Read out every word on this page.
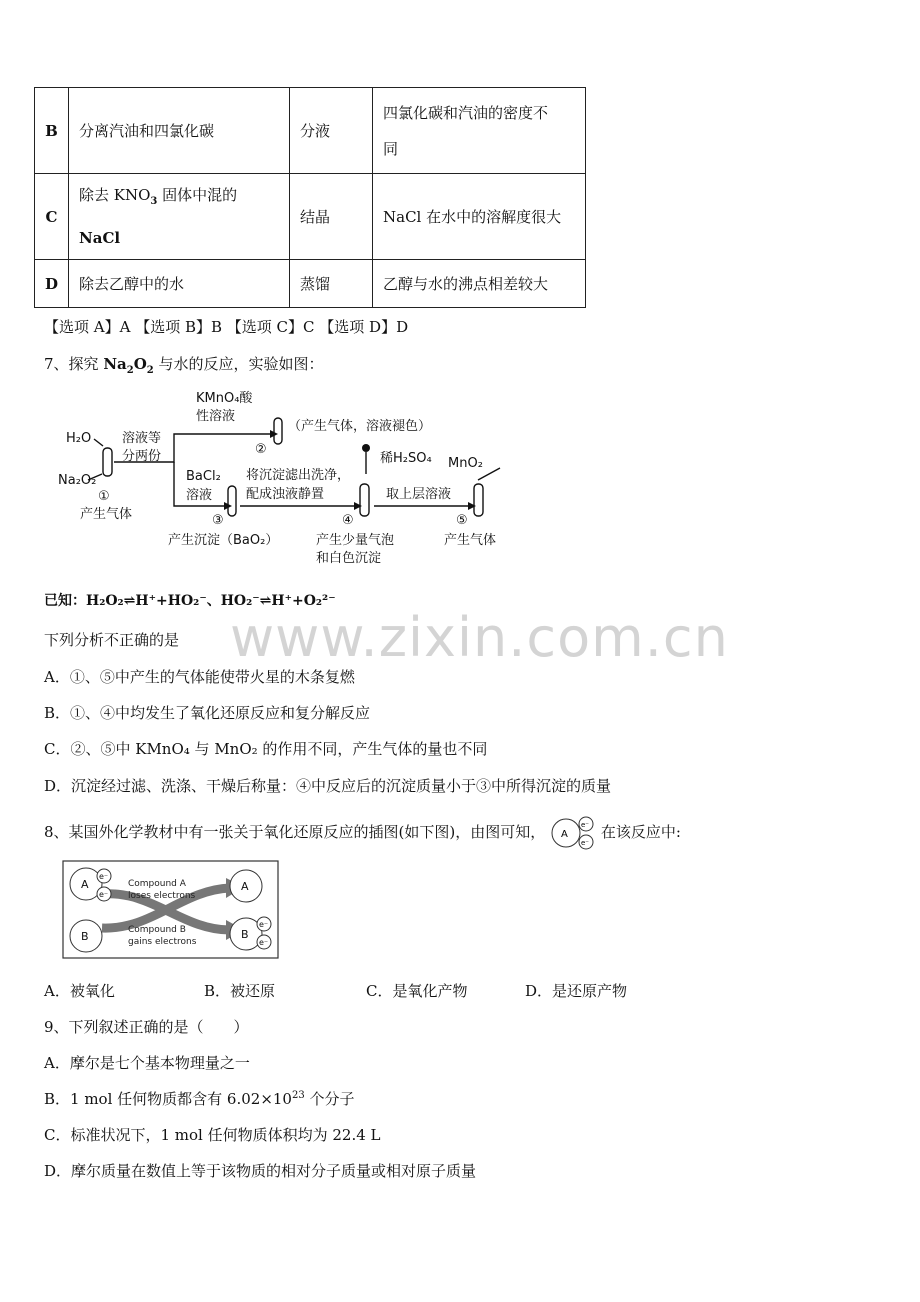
B	分离汽油和四氯化碳	分液	四氯化碳和汽油的密度不
同
C	除去 $KNO_3$ 固体中混的
NaCl	结晶	NaCl 在水中的溶解度很大
D	除去乙醇中的水	蒸馏	乙醇与水的沸点相差较大
【选项 A】A 【选项 B】B 【选项 C】C 【选项 D】D
7、探究 $Na_2O_2$ 与水的反应，实验如图：
H₂O
Na₂O₂
溶液等
分两份
KMnO₄酸
性溶液
（产生气体，溶液褪色）
BaCl₂
溶液
将沉淀滤出洗净，
配成浊液静置
稀H₂SO₄ MnO₂
取上层溶液
①
②
③	④	⑤
产生气体
产生沉淀（BaO₂）	产生少量气泡
和白色沉淀
产生气体
已知：H₂O₂⇌H⁺+HO₂⁻、HO₂⁻⇌H⁺+O₂²⁻
www.zixin.com.cn
下列分析不正确的是
A．①、⑤中产生的气体能使带火星的木条复燃
B．①、④中均发生了氧化还原反应和复分解反应
C．②、⑤中 KMnO₄ 与 MnO₂ 的作用不同，产生气体的量也不同
D．沉淀经过滤、洗涤、干燥后称量：④中反应后的沉淀质量小于③中所得沉淀的质量
8、某国外化学教材中有一张关于氧化还原反应的插图(如下图)，由图可知， A
e⁻
e⁻
在该反应中:
A
B
A
B
e⁻
e⁻
e⁻
e⁻
Compound A
loses electrons
Compound B
gains electrons
A．被氧化	B．被还原	C．是氧化产物	D．是还原产物
9、下列叙述正确的是（　　）
A．摩尔是七个基本物理量之一
B．1 mol 任何物质都含有 $6.02\times 10^{23}$ 个分子
C．标准状况下，1 mol 任何物质体积均为 22.4 L
D．摩尔质量在数值上等于该物质的相对分子质量或相对原子质量
